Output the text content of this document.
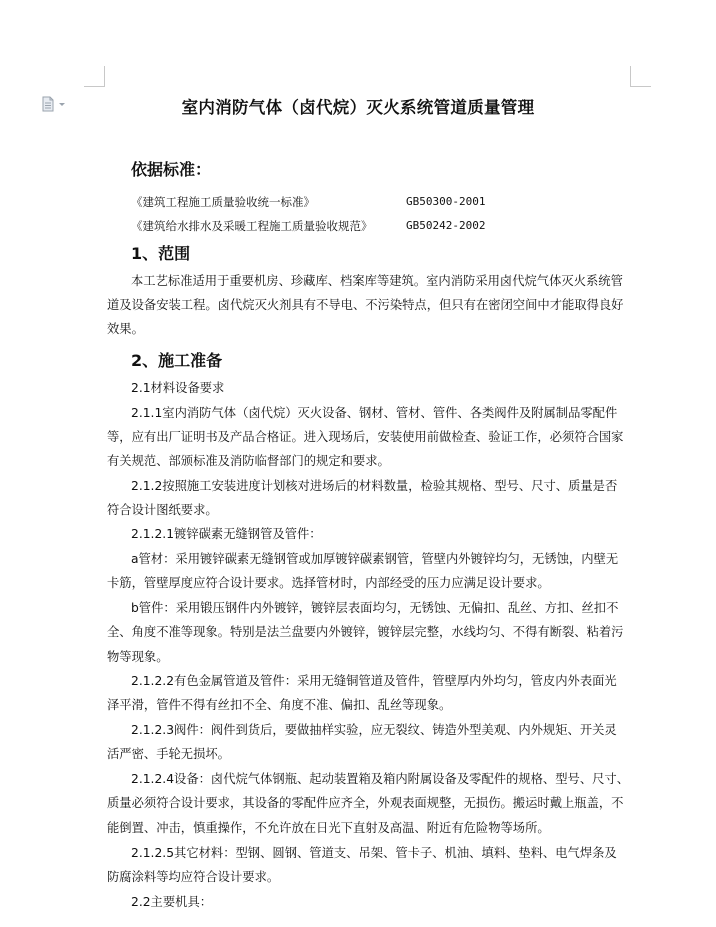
室内消防气体（卤代烷）灭火系统管道质量管理
依据标准：
《建筑工程施工质量验收统一标准》	GB50300-2001
《建筑给水排水及采暖工程施工质量验收规范》	GB50242-2002
1、范围
本工艺标准适用于重要机房、珍藏库、档案库等建筑。室内消防采用卤代烷气体灭火系统管
道及设备安装工程。卤代烷灭火剂具有不导电、不污染特点，但只有在密闭空间中才能取得良好
效果。
2、施工准备
2.1材料设备要求
2.1.1室内消防气体（卤代烷）灭火设备、钢材、管材、管件、各类阀件及附属制品零配件
等，应有出厂证明书及产品合格证。进入现场后，安装使用前做检查、验证工作，必须符合国家
有关规范、部颁标准及消防临督部门的规定和要求。
2.1.2按照施工安装进度计划核对进场后的材料数量，检验其规格、型号、尺寸、质量是否
符合设计图纸要求。
2.1.2.1镀锌碳素无缝钢管及管件：
a管材：采用镀锌碳素无缝钢管或加厚镀锌碳素钢管，管壁内外镀锌均匀，无锈蚀，内壁无
卡筋，管壁厚度应符合设计要求。选择管材时，内部经受的压力应满足设计要求。
b管件：采用锻压钢件内外镀锌，镀锌层表面均匀，无锈蚀、无偏扣、乱丝、方扣、丝扣不
全、角度不准等现象。特别是法兰盘要内外镀锌，镀锌层完整，水线均匀、不得有断裂、粘着污
物等现象。
2.1.2.2有色金属管道及管件：采用无缝铜管道及管件，管壁厚内外均匀，管皮内外表面光
泽平滑，管件不得有丝扣不全、角度不准、偏扣、乱丝等现象。
2.1.2.3阀件：阀件到货后，要做抽样实验，应无裂纹、铸造外型美观、内外规矩、开关灵
活严密、手轮无损坏。
2.1.2.4设备：卤代烷气体钢瓶、起动装置箱及箱内附属设备及零配件的规格、型号、尺寸、
质量必须符合设计要求，其设备的零配件应齐全，外观表面规整，无损伤。搬运时戴上瓶盖，不
能倒置、冲击，慎重操作，不允许放在日光下直射及高温、附近有危险物等场所。
2.1.2.5其它材料：型钢、圆钢、管道支、吊架、管卡子、机油、填料、垫料、电气焊条及
防腐涂料等均应符合设计要求。
2.2主要机具：
